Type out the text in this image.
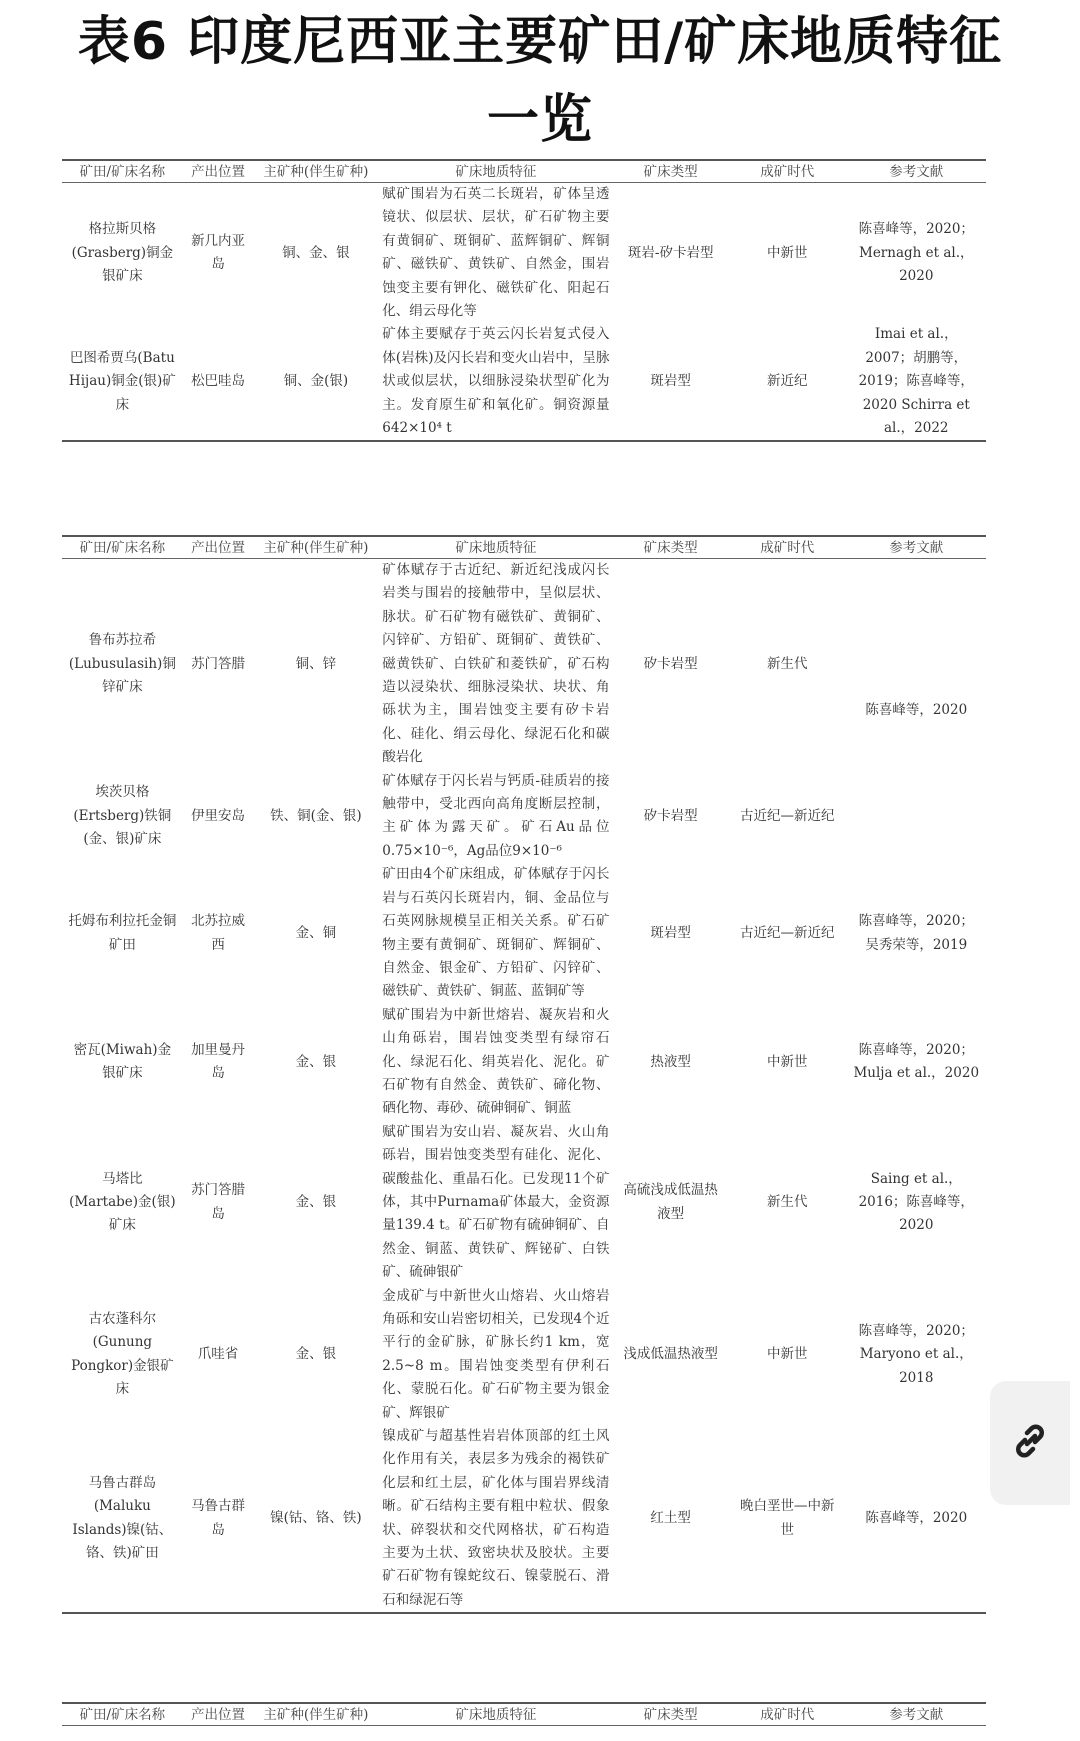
表6 印度尼西亚主要矿田/矿床地质特征
一览
矿田/矿床名称	产出位置	主矿种(伴生矿种)	矿床地质特征	矿床类型	成矿时代	参考文献
格拉斯贝格(Grasberg)铜金银矿床	新几内亚岛	铜、金、银	赋矿围岩为石英二长斑岩，矿体呈透镜状、似层状、层状，矿石矿物主要有黄铜矿、斑铜矿、蓝辉铜矿、辉铜矿、磁铁矿、黄铁矿、自然金，围岩蚀变主要有钾化、磁铁矿化、阳起石化、绢云母化等	斑岩-矽卡岩型	中新世	陈喜峰等，2020；Mernagh et al.，2020
巴图希贾乌(Batu Hijau)铜金(银)矿床	松巴哇岛	铜、金(银)	矿体主要赋存于英云闪长岩复式侵入体(岩株)及闪长岩和变火山岩中，呈脉状或似层状，以细脉浸染状型矿化为主。发育原生矿和氧化矿。铜资源量642×10⁴ t	斑岩型	新近纪	Imai et al.，2007；胡鹏等，2019；陈喜峰等，2020 Schirra et al.，2022
矿田/矿床名称	产出位置	主矿种(伴生矿种)	矿床地质特征	矿床类型	成矿时代	参考文献
鲁布苏拉希(Lubusulasih)铜锌矿床	苏门答腊	铜、锌	矿体赋存于古近纪、新近纪浅成闪长岩类与围岩的接触带中，呈似层状、脉状。矿石矿物有磁铁矿、黄铜矿、闪锌矿、方铅矿、斑铜矿、黄铁矿、磁黄铁矿、白铁矿和菱铁矿，矿石构造以浸染状、细脉浸染状、块状、角砾状为主，围岩蚀变主要有矽卡岩化、硅化、绢云母化、绿泥石化和碳酸岩化	矽卡岩型	新生代	陈喜峰等，2020
埃茨贝格(Ertsberg)铁铜(金、银)矿床	伊里安岛	铁、铜(金、银)	矿体赋存于闪长岩与钙质-硅质岩的接触带中，受北西向高角度断层控制，主矿体为露天矿。矿石Au品位0.75×10⁻⁶，Ag品位9×10⁻⁶	矽卡岩型	古近纪—新近纪	
托姆布利拉托金铜矿田	北苏拉威西	金、铜	矿田由4个矿床组成，矿体赋存于闪长岩与石英闪长斑岩内，铜、金品位与石英网脉规模呈正相关关系。矿石矿物主要有黄铜矿、斑铜矿、辉铜矿、自然金、银金矿、方铅矿、闪锌矿、磁铁矿、黄铁矿、铜蓝、蓝铜矿等	斑岩型	古近纪—新近纪	陈喜峰等，2020；吴秀荣等，2019
密瓦(Miwah)金银矿床	加里曼丹岛	金、银	赋矿围岩为中新世熔岩、凝灰岩和火山角砾岩，围岩蚀变类型有绿帘石化、绿泥石化、绢英岩化、泥化。矿石矿物有自然金、黄铁矿、碲化物、硒化物、毒砂、硫砷铜矿、铜蓝	热液型	中新世	陈喜峰等，2020；Mulja et al.，2020
马塔比(Martabe)金(银)矿床	苏门答腊岛	金、银	赋矿围岩为安山岩、凝灰岩、火山角砾岩，围岩蚀变类型有硅化、泥化、碳酸盐化、重晶石化。已发现11个矿体，其中Purnama矿体最大，金资源量139.4 t。矿石矿物有硫砷铜矿、自然金、铜蓝、黄铁矿、辉铋矿、白铁矿、硫砷银矿	高硫浅成低温热液型	新生代	Saing et al.，2016；陈喜峰等，2020
古农蓬科尔(Gunung Pongkor)金银矿床	爪哇省	金、银	金成矿与中新世火山熔岩、火山熔岩角砾和安山岩密切相关，已发现4个近平行的金矿脉，矿脉长约1 km，宽2.5~8 m。围岩蚀变类型有伊利石化、蒙脱石化。矿石矿物主要为银金矿、辉银矿	浅成低温热液型	中新世	陈喜峰等，2020；Maryono et al.，2018
马鲁古群岛(Maluku Islands)镍(钴、铬、铁)矿田	马鲁古群岛	镍(钴、铬、铁)	镍成矿与超基性岩岩体顶部的红土风化作用有关，表层多为残余的褐铁矿化层和红土层，矿化体与围岩界线清晰。矿石结构主要有粗中粒状、假象状、碎裂状和交代网格状，矿石构造主要为土状、致密块状及胶状。主要矿石矿物有镍蛇纹石、镍蒙脱石、滑石和绿泥石等	红土型	晚白垩世—中新世	陈喜峰等，2020
矿田/矿床名称	产出位置	主矿种(伴生矿种)	矿床地质特征	矿床类型	成矿时代	参考文献
